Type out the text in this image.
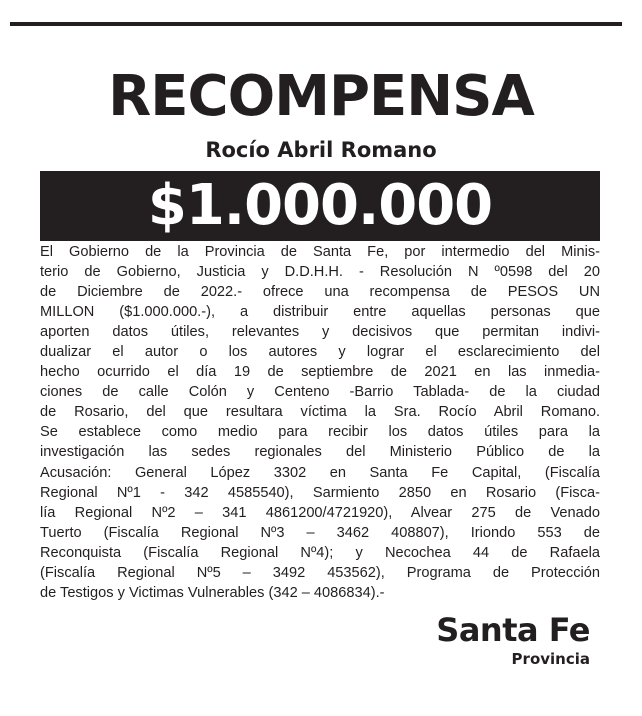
RECOMPENSA
Rocío Abril Romano
$1.000.000
El Gobierno de la Provincia de Santa Fe, por intermedio del Minis-
terio de Gobierno, Justicia y D.D.H.H. - Resolución N º0598 del 20
de Diciembre de 2022.- ofrece una recompensa de PESOS UN
MILLON ($1.000.000.-), a distribuir entre aquellas personas que
aporten datos útiles, relevantes y decisivos que permitan indivi-
dualizar el autor o los autores y lograr el esclarecimiento del
hecho ocurrido el día 19 de septiembre de 2021 en las inmedia-
ciones de calle Colón y Centeno -Barrio Tablada- de la ciudad
de Rosario, del que resultara víctima la Sra. Rocío Abril Romano.
Se establece como medio para recibir los datos útiles para la
investigación las sedes regionales del Ministerio Público de la
Acusación: General López 3302 en Santa Fe Capital, (Fiscalía
Regional Nº1 - 342 4585540), Sarmiento 2850 en Rosario (Fisca-
lía Regional Nº2 – 341 4861200/4721920), Alvear 275 de Venado
Tuerto (Fiscalía Regional Nº3 – 3462 408807), Iriondo 553 de
Reconquista (Fiscalía Regional Nº4); y Necochea 44 de Rafaela
(Fiscalía Regional Nº5 – 3492 453562), Programa de Protección
de Testigos y Victimas Vulnerables (342 – 4086834).-
Santa Fe
Provincia
